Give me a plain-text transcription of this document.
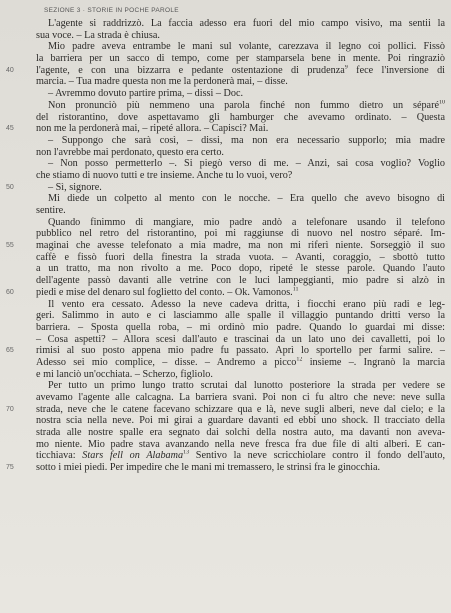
SEZIONE 3 · STORIE IN POCHE PAROLE
L'agente si raddrizzò. La faccia adesso era fuori del mio campo visivo, ma sentii la
sua voce. – La strada è chiusa.
Mio padre aveva entrambe le mani sul volante, carezzava il legno coi pollici. Fissò
la barriera per un sacco di tempo, come per stamparsela bene in mente. Poi ringraziò
40 l'agente, e con una bizzarra e pedante ostentazione di prudenza$^9$ fece l'inversione di
marcia. – Tua madre questa non me la perdonerà mai, – disse.
– Avremmo dovuto partire prima, – dissi – Doc.
Non pronunciò più nemmeno una parola finché non fummo dietro un séparé$^{10}$
del ristorantino, dove aspettavamo gli hamburger che avevamo ordinato. – Questa
45 non me la perdonerà mai, – ripeté allora. – Capisci? Mai.
– Suppongo che sarà così, – dissi, ma non era necessario supporlo; mia madre
non l'avrebbe mai perdonato, questo era certo.
– Non posso permetterlo –. Si piegò verso di me. – Anzi, sai cosa voglio? Voglio
che stiamo di nuovo tutti e tre insieme. Anche tu lo vuoi, vero?
50	– Sì, signore.
Mi diede un colpetto al mento con le nocche. – Era quello che avevo bisogno di
sentire.
Quando finimmo di mangiare, mio padre andò a telefonare usando il telefono
pubblico nel retro del ristorantino, poi mi raggiunse di nuovo nel nostro séparé. Im-
55 maginai che avesse telefonato a mia madre, ma non mi riferì niente. Sorseggiò il suo
caffè e fissò fuori della finestra la strada vuota. – Avanti, coraggio, – sbottò tutto
a un tratto, ma non rivolto a me. Poco dopo, ripeté le stesse parole. Quando l'auto
dell'agente passò davanti alle vetrine con le luci lampeggianti, mio padre si alzò in
60 piedi e mise del denaro sul foglietto del conto. – Ok. Vamonos.$^{11}$
Il vento era cessato. Adesso la neve cadeva dritta, i fiocchi erano più radi e leg-
geri. Salimmo in auto e ci lasciammo alle spalle il villaggio puntando dritti verso la
barriera. – Sposta quella roba, – mi ordinò mio padre. Quando lo guardai mi disse:
– Cosa aspetti? – Allora scesi dall'auto e trascinai da un lato uno dei cavalletti, poi lo
65 rimisi al suo posto appena mio padre fu passato. Aprì lo sportello per farmi salire. –
Adesso sei mio complice, – disse. – Andremo a picco$^{12}$ insieme –. Ingranò la marcia
e mi lanciò un'occhiata. – Scherzo, figliolo.
Per tutto un primo lungo tratto scrutai dal lunotto posteriore la strada per vedere se
avevamo l'agente alle calcagna. La barriera svanì. Poi non ci fu altro che neve: neve sulla
70 strada, neve che le catene facevano schizzare qua e là, neve sugli alberi, neve dal cielo; e la
nostra scia nella neve. Poi mi girai a guardare davanti ed ebbi uno shock. Il tracciato della
strada alle nostre spalle era segnato dai solchi della nostra auto, ma davanti non aveva-
mo niente. Mio padre stava avanzando nella neve fresca fra due file di alti alberi. E can-
ticchiava: Stars fell on Alabama$^{13}$ Sentivo la neve scricchiolare contro il fondo dell'auto,
75 sotto i miei piedi. Per impedire che le mani mi tremassero, le strinsi fra le ginocchia.
